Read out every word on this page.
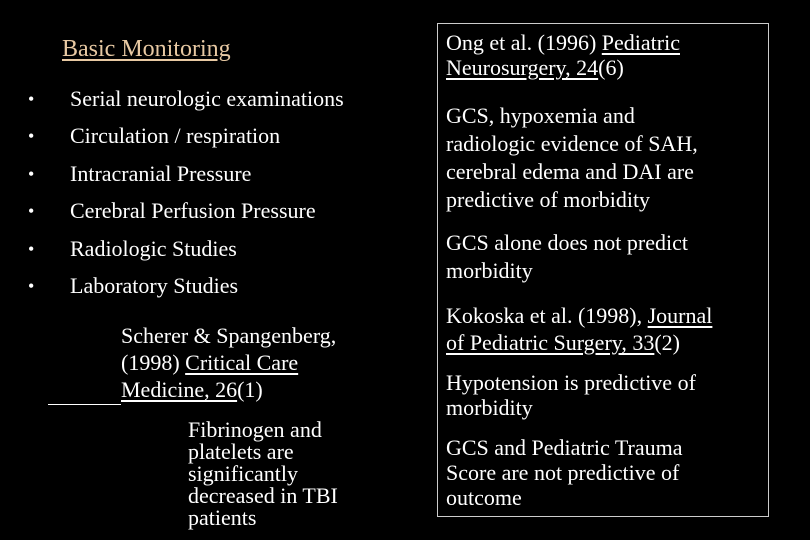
Basic Monitoring
• Serial neurologic examinations
• Circulation / respiration
• Intracranial Pressure
• Cerebral Perfusion Pressure
• Radiologic Studies
• Laboratory Studies
Scherer & Spangenberg,
(1998) Critical Care
Medicine, 26(1)
Fibrinogen and
platelets are
significantly
decreased in TBI
patients
Ong et al. (1996) Pediatric
Neurosurgery, 24(6)
GCS, hypoxemia and
radiologic evidence of SAH,
cerebral edema and DAI are
predictive of morbidity
GCS alone does not predict
morbidity
Kokoska et al. (1998), Journal
of Pediatric Surgery, 33(2)
Hypotension is predictive of
morbidity
GCS and Pediatric Trauma
Score are not predictive of
outcome
